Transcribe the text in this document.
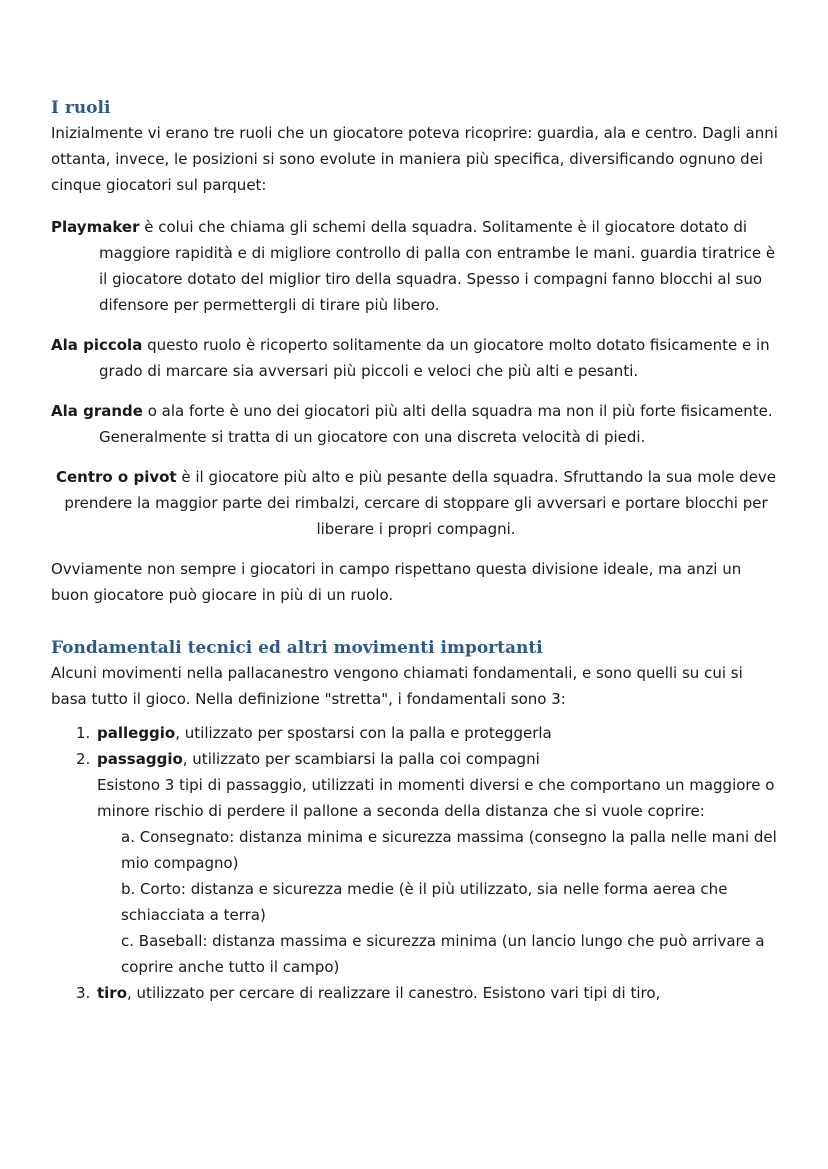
I ruoli

Inizialmente vi erano tre ruoli che un giocatore poteva ricoprire: guardia, ala e centro. Dagli anni ottanta, invece, le posizioni si sono evolute in maniera più specifica, diversificando ognuno dei cinque giocatori sul parquet:

Playmaker è colui che chiama gli schemi della squadra. Solitamente è il giocatore dotato di maggiore rapidità e di migliore controllo di palla con entrambe le mani. guardia tiratrice è il giocatore dotato del miglior tiro della squadra. Spesso i compagni fanno blocchi al suo difensore per permettergli di tirare più libero.

Ala piccola questo ruolo è ricoperto solitamente da un giocatore molto dotato fisicamente e in grado di marcare sia avversari più piccoli e veloci che più alti e pesanti.

Ala grande o ala forte è uno dei giocatori più alti della squadra ma non il più forte fisicamente. Generalmente si tratta di un giocatore con una discreta velocità di piedi.

Centro o pivot è il giocatore più alto e più pesante della squadra. Sfruttando la sua mole deve prendere la maggior parte dei rimbalzi, cercare di stoppare gli avversari e portare blocchi per liberare i propri compagni.

Ovviamente non sempre i giocatori in campo rispettano questa divisione ideale, ma anzi un buon giocatore può giocare in più di un ruolo.

Fondamentali tecnici ed altri movimenti importanti

Alcuni movimenti nella pallacanestro vengono chiamati fondamentali, e sono quelli su cui si basa tutto il gioco. Nella definizione "stretta", i fondamentali sono 3:

1. palleggio, utilizzato per spostarsi con la palla e proteggerla
2. passaggio, utilizzato per scambiarsi la palla coi compagni
Esistono 3 tipi di passaggio, utilizzati in momenti diversi e che comportano un maggiore o minore rischio di perdere il pallone a seconda della distanza che si vuole coprire:
a. Consegnato: distanza minima e sicurezza massima (consegno la palla nelle mani del mio compagno)
b. Corto: distanza e sicurezza medie (è il più utilizzato, sia nelle forma aerea che schiacciata a terra)
c. Baseball: distanza massima e sicurezza minima (un lancio lungo che può arrivare a coprire anche tutto il campo)
3. tiro, utilizzato per cercare di realizzare il canestro. Esistono vari tipi di tiro,
